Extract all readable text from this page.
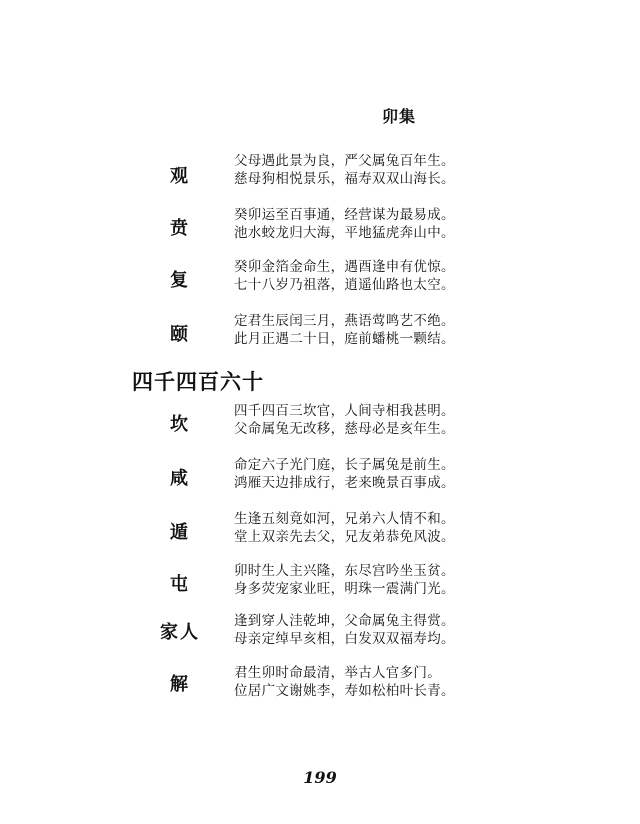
卯集
观
父母遇此景为良，严父属兔百年生。
慈母狗相悦景乐，福寿双双山海长。
贲
癸卯运至百事通，经营谋为最易成。
池水蛟龙归大海，平地猛虎奔山中。
复
癸卯金箔金命生，遇酉逢申有优惊。
七十八岁乃祖落，逍遥仙路也太空。
颐
定君生辰闰三月，燕语莺鸣艺不绝。
此月正遇二十日，庭前蟠桃一颗结。
四千四百六十
坎
四千四百三坎官，人间寺相我甚明。
父命属兔无改移，慈母必是亥年生。
咸
命定六子光门庭，长子属兔是前生。
鸿雁天边排成行，老来晚景百事成。
遁
生逢五刻竟如河，兄弟六人情不和。
堂上双亲先去父，兄友弟恭免风波。
屯
卯时生人主兴隆，东尽宫吟坐玉贫。
身多荧宠家业旺，明珠一震满门光。
家人
逢到穿人洼乾坤，父命属兔主得赏。
母亲定绰早亥相，白发双双福寿均。
解
君生卯时命最清，举古人官多门。
位居广文谢姚李，寿如松柏叶长青。
199
